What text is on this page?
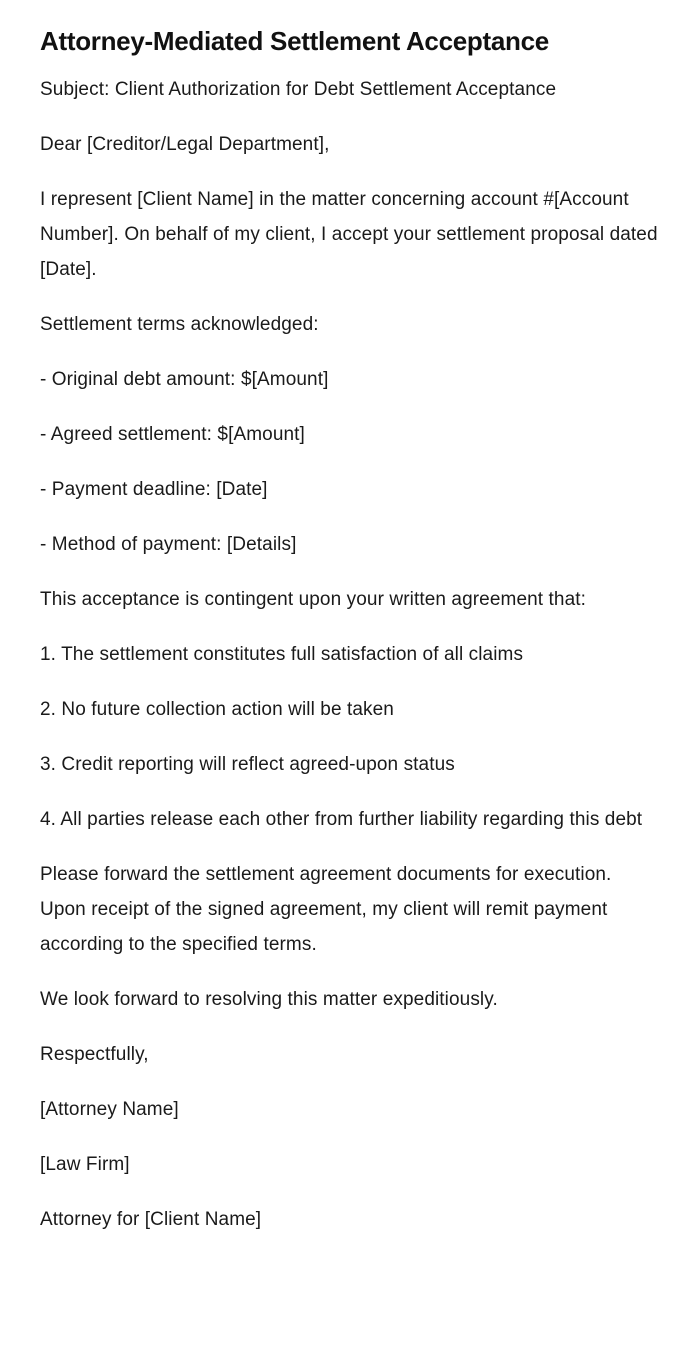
Attorney-Mediated Settlement Acceptance

Subject: Client Authorization for Debt Settlement Acceptance

Dear [Creditor/Legal Department],

I represent [Client Name] in the matter concerning account #[Account Number]. On behalf of my client, I accept your settlement proposal dated [Date].

Settlement terms acknowledged:

- Original debt amount: $[Amount]

- Agreed settlement: $[Amount]

- Payment deadline: [Date]

- Method of payment: [Details]

This acceptance is contingent upon your written agreement that:

1. The settlement constitutes full satisfaction of all claims

2. No future collection action will be taken

3. Credit reporting will reflect agreed-upon status

4. All parties release each other from further liability regarding this debt

Please forward the settlement agreement documents for execution. Upon receipt of the signed agreement, my client will remit payment according to the specified terms.

We look forward to resolving this matter expeditiously.

Respectfully,

[Attorney Name]

[Law Firm]

Attorney for [Client Name]
